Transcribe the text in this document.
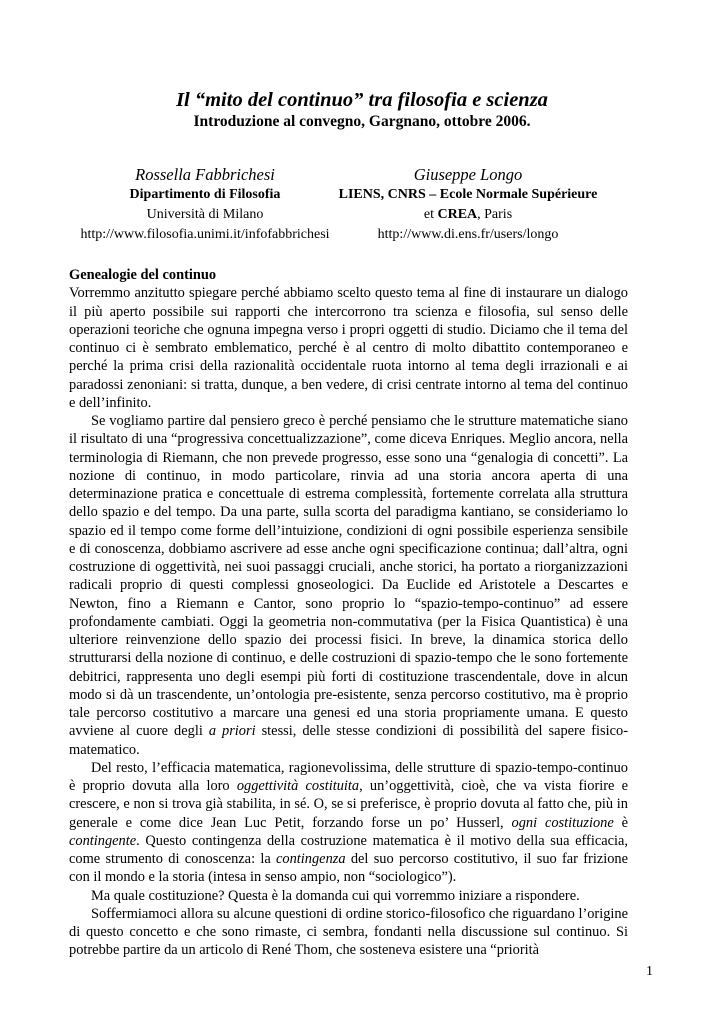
Il “mito del continuo” tra filosofia e scienza
Introduzione al convegno, Gargnano, ottobre 2006.
Rossella Fabbrichesi
Dipartimento di Filosofia
Università di Milano
http://www.filosofia.unimi.it/infofabbrichesi
Giuseppe Longo
LIENS, CNRS – Ecole Normale Supérieure
et CREA, Paris
http://www.di.ens.fr/users/longo

Genealogie del continuo

Vorremmo anzitutto spiegare perché abbiamo scelto questo tema al fine di instaurare un dialogo il più aperto possibile sui rapporti che intercorrono tra scienza e filosofia, sul senso delle operazioni teoriche che ognuna impegna verso i propri oggetti di studio. Diciamo che il tema del continuo ci è sembrato emblematico, perché è al centro di molto dibattito contemporaneo e perché la prima crisi della razionalità occidentale ruota intorno al tema degli irrazionali e ai paradossi zenoniani: si tratta, dunque, a ben vedere, di crisi centrate intorno al tema del continuo e dell’infinito.

Se vogliamo partire dal pensiero greco è perché pensiamo che le strutture matematiche siano il risultato di una “progressiva concettualizzazione”, come diceva Enriques. Meglio ancora, nella terminologia di Riemann, che non prevede progresso, esse sono una “genalogia di concetti”. La nozione di continuo, in modo particolare, rinvia ad una storia ancora aperta di una determinazione pratica e concettuale di estrema complessità, fortemente correlata alla struttura dello spazio e del tempo. Da una parte, sulla scorta del paradigma kantiano, se consideriamo lo spazio ed il tempo come forme dell’intuizione, condizioni di ogni possibile esperienza sensibile e di conoscenza, dobbiamo ascrivere ad esse anche ogni specificazione continua; dall’altra, ogni costruzione di oggettività, nei suoi passaggi cruciali, anche storici, ha portato a riorganizzazioni radicali proprio di questi complessi gnoseologici. Da Euclide ed Aristotele a Descartes e Newton, fino a Riemann e Cantor, sono proprio lo “spazio-tempo-continuo” ad essere profondamente cambiati. Oggi la geometria non-commutativa (per la Fisica Quantistica) è una ulteriore reinvenzione dello spazio dei processi fisici. In breve, la dinamica storica dello strutturarsi della nozione di continuo, e delle costruzioni di spazio-tempo che le sono fortemente debitrici, rappresenta uno degli esempi più forti di costituzione trascendentale, dove in alcun modo si dà un trascendente, un’ontologia pre-esistente, senza percorso costitutivo, ma è proprio tale percorso costitutivo a marcare una genesi ed una storia propriamente umana. E questo avviene al cuore degli a priori stessi, delle stesse condizioni di possibilità del sapere fisico-matematico.

Del resto, l’efficacia matematica, ragionevolissima, delle strutture di spazio-tempo-continuo è proprio dovuta alla loro oggettività costituita, un’oggettività, cioè, che va vista fiorire e crescere, e non si trova già stabilita, in sé. O, se si preferisce, è proprio dovuta al fatto che, più in generale e come dice Jean Luc Petit, forzando forse un po’ Husserl, ogni costituzione è contingente. Questo contingenza della costruzione matematica è il motivo della sua efficacia, come strumento di conoscenza: la contingenza del suo percorso costitutivo, il suo far frizione con il mondo e la storia (intesa in senso ampio, non “sociologico”).

Ma quale costituzione? Questa è la domanda cui qui vorremmo iniziare a rispondere.

Soffermiamoci allora su alcune questioni di ordine storico-filosofico che riguardano l’origine di questo concetto e che sono rimaste, ci sembra, fondanti nella discussione sul continuo. Si potrebbe partire da un articolo di René Thom, che sosteneva esistere una “priorità

1
